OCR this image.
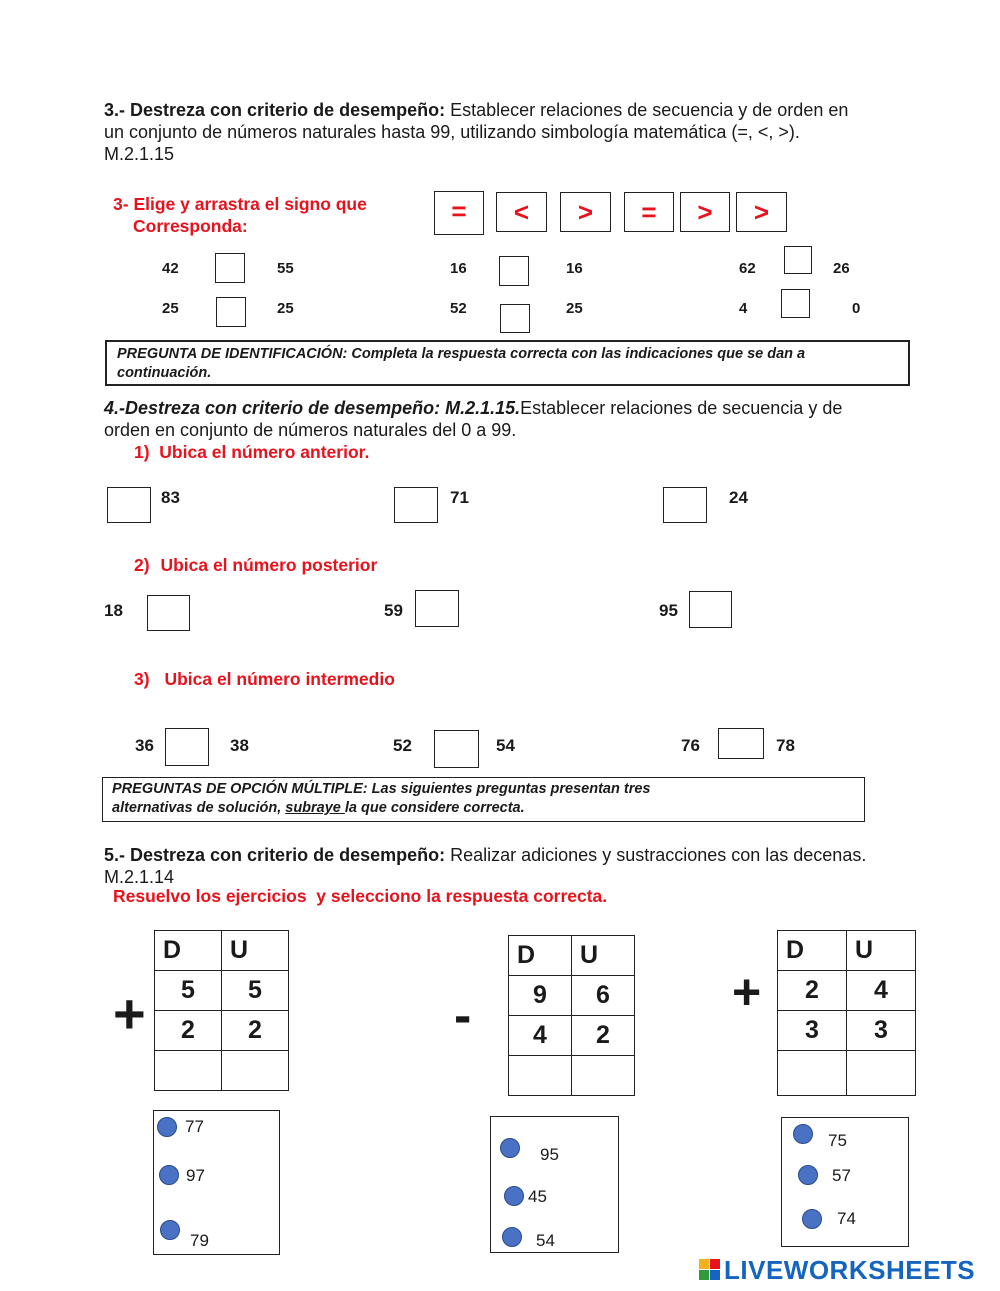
3.- Destreza con criterio de desempeño: Establecer relaciones de secuencia y de orden en
un conjunto de números naturales hasta 99, utilizando simbología matemática (=, <, >).
M.2.1.15
3- Elige y arrastra el signo que
Corresponda:	=	<	>	=	>	>
42	55	16	16	62	26
25	25	52	25	4	0
PREGUNTA DE IDENTIFICACIÓN: Completa la respuesta correcta con las indicaciones que se dan a
continuación.
4.-Destreza con criterio de desempeño: M.2.1.15.Establecer relaciones de secuencia y de
orden en conjunto de números naturales del 0 a 99.
1)  Ubica el número anterior.
83	71	24
2) Ubica el número posterior
18	59	95
3) Ubica el número intermedio
36	38	52	54	76	78
PREGUNTAS DE OPCIÓN MÚLTIPLE: Las siguientes preguntas presentan tres
alternativas de solución, subraye la que considere correcta.
5.- Destreza con criterio de desempeño: Realizar adiciones y sustracciones con las decenas.
M.2.1.14
Resuelvo los ejercicios  y selecciono la respuesta correcta.
+
D	U
5	5
2	2

77
97
79
-
D	U
9	6
4	2

95
45
54
+
D	U
2	4
3	3

75
57
74
LIVEWORKSHEETS
